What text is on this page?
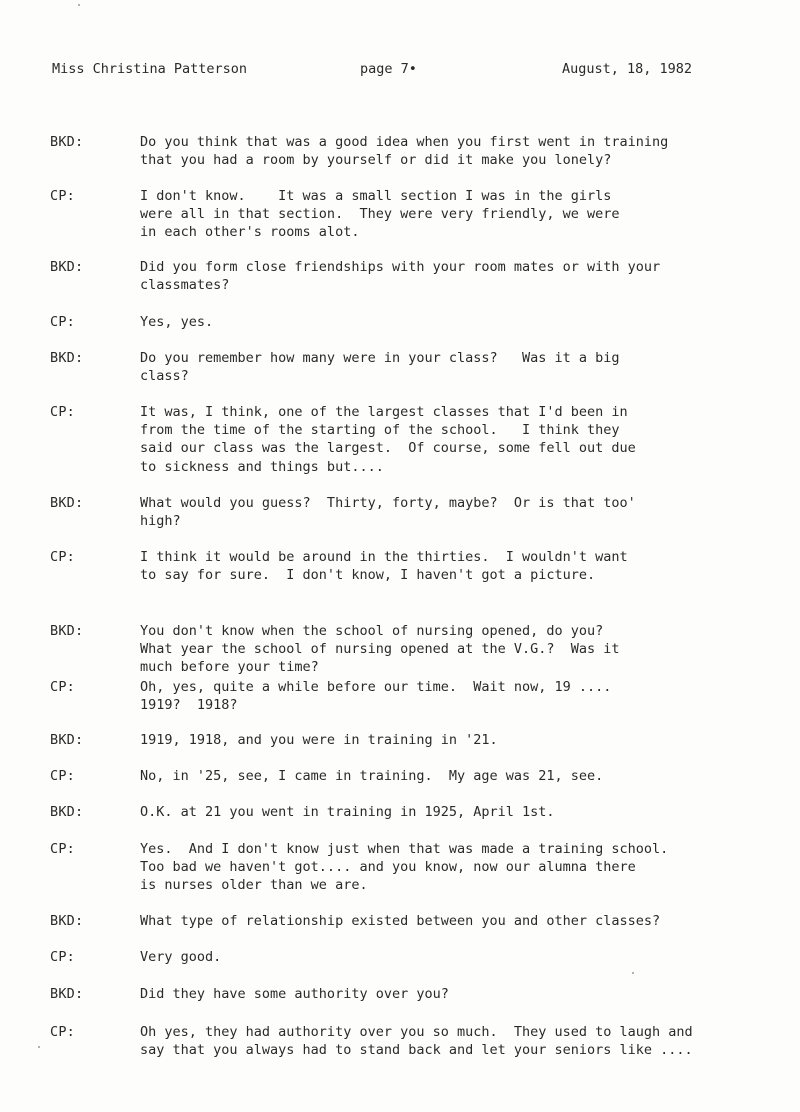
Miss Christina Patterson	page 7•	August, 18, 1982
BKD:	Do you think that was a good idea when you first went in training
that you had a room by yourself or did it make you lonely?
CP:	I don't know.    It was a small section I was in the girls
were all in that section.  They were very friendly, we were
in each other's rooms alot.
BKD:	Did you form close friendships with your room mates or with your
classmates?
CP:	Yes, yes.
BKD:	Do you remember how many were in your class?   Was it a big
class?
CP:	It was, I think, one of the largest classes that I'd been in
from the time of the starting of the school.   I think they
said our class was the largest.  Of course, some fell out due
to sickness and things but....
BKD:	What would you guess?  Thirty, forty, maybe?  Or is that too'
high?
CP:	I think it would be around in the thirties.  I wouldn't want
to say for sure.  I don't know, I haven't got a picture.
BKD:	You don't know when the school of nursing opened, do you?
What year the school of nursing opened at the V.G.?  Was it
much before your time?
CP:	Oh, yes, quite a while before our time.  Wait now, 19 ....
1919?  1918?
BKD:	1919, 1918, and you were in training in '21.
CP:	No, in '25, see, I came in training.  My age was 21, see.
BKD:	O.K. at 21 you went in training in 1925, April 1st.
CP:	Yes.  And I don't know just when that was made a training school.
Too bad we haven't got.... and you know, now our alumna there
is nurses older than we are.
BKD:	What type of relationship existed between you and other classes?
CP:	Very good.
BKD:	Did they have some authority over you?
CP:	Oh yes, they had authority over you so much.  They used to laugh and
say that you always had to stand back and let your seniors like ....
